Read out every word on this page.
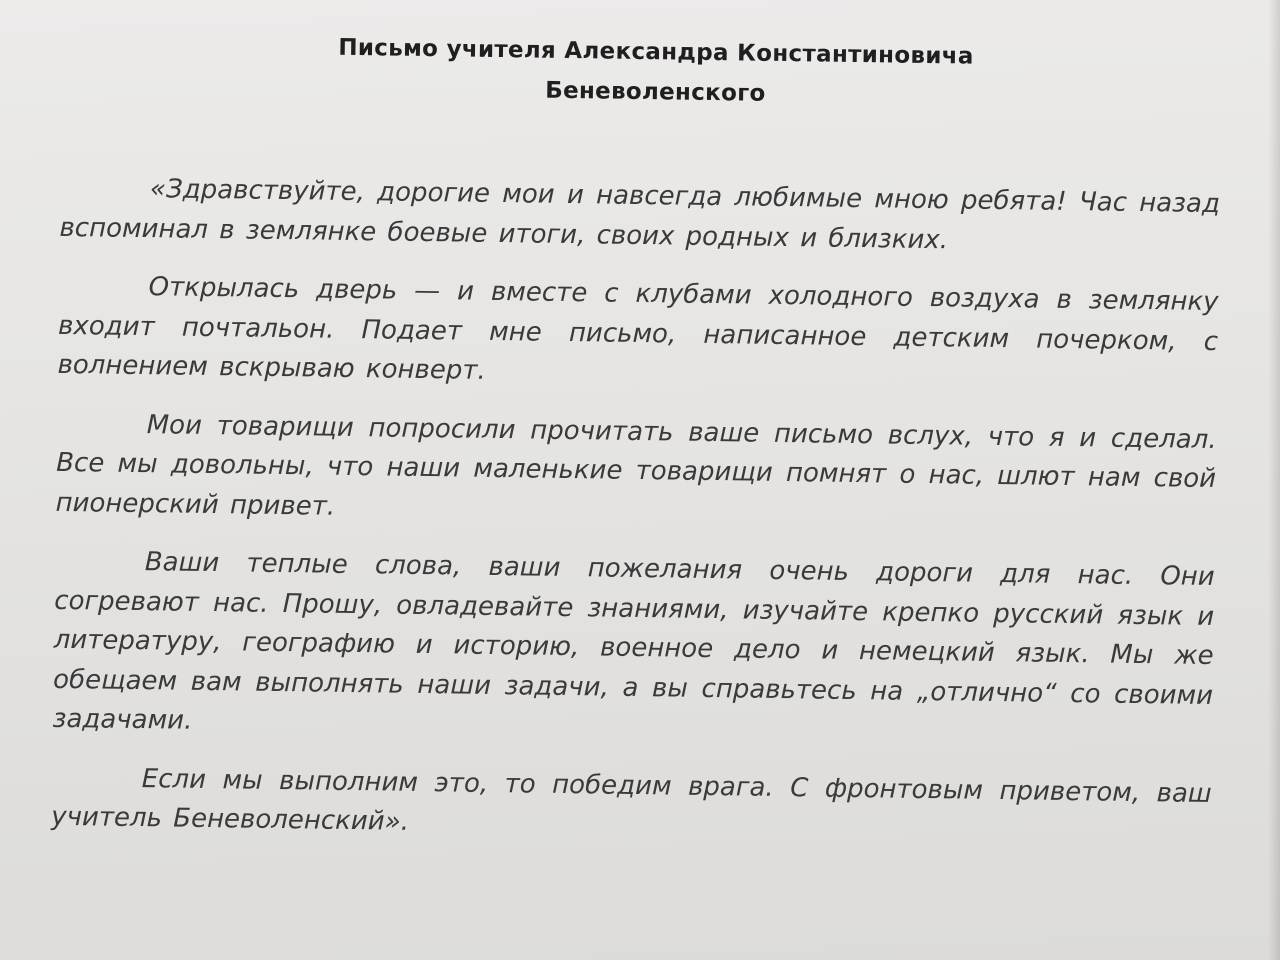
Письмо учителя Александра Константиновича
Беневоленского

«Здравствуйте, дорогие мои и навсегда любимые мною ребята! Час назад вспоминал в землянке боевые итоги, своих родных и близких.

Открылась дверь — и вместе с клубами холодного воздуха в землянку входит почтальон. Подает мне письмо, написанное детским почерком, с волнением вскрываю конверт.

Мои товарищи попросили прочитать ваше письмо вслух, что я и сделал. Все мы довольны, что наши маленькие товарищи помнят о нас, шлют нам свой пионерский привет.

Ваши теплые слова, ваши пожелания очень дороги для нас. Они согревают нас. Прошу, овладевайте знаниями, изучайте крепко русский язык и литературу, географию и историю, военное дело и немецкий язык. Мы же обещаем вам выполнять наши задачи, а вы справьтесь на „отлично“ со своими задачами.

Если мы выполним это, то победим врага. С фронтовым приветом, ваш учитель Беневоленский».
